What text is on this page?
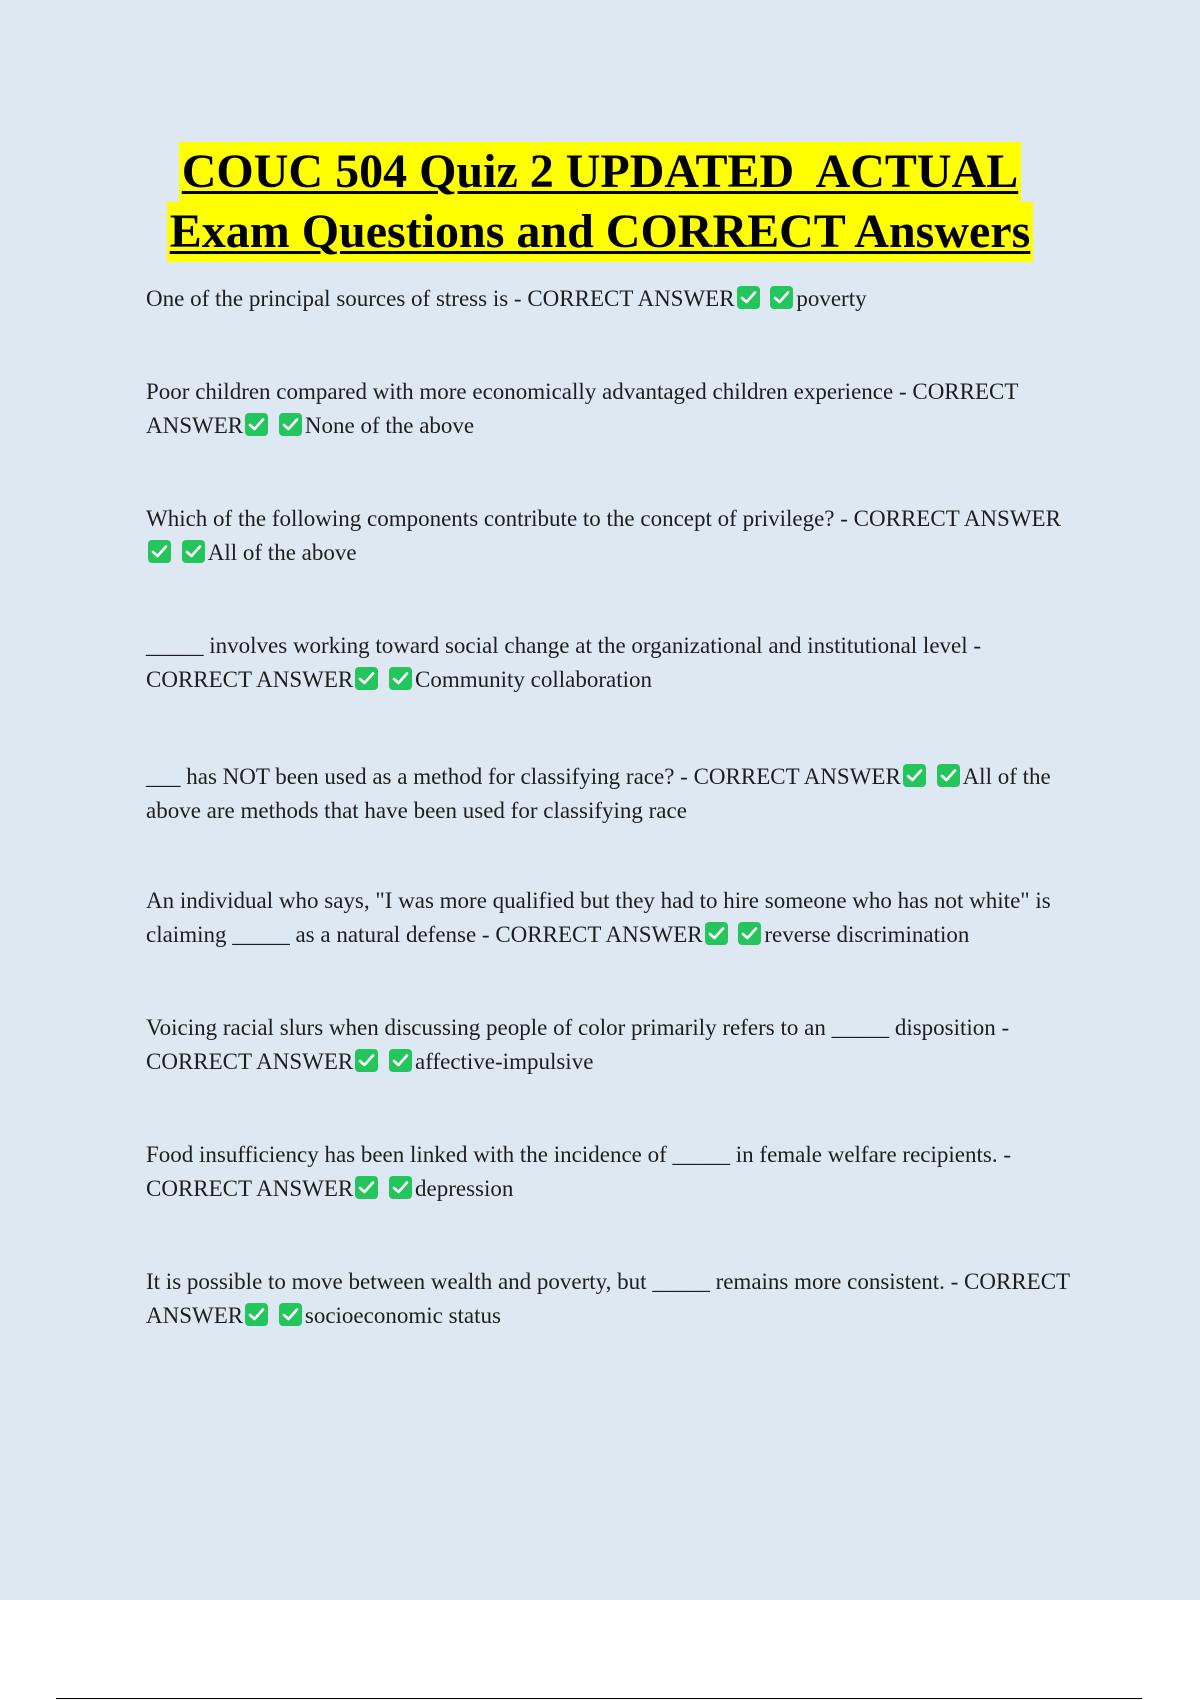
COUC 504 Quiz 2 UPDATED  ACTUAL
Exam Questions and CORRECT Answers
One of the principal sources of stress is - CORRECT ANSWER
	poverty
Poor children compared with more economically advantaged children experience - CORRECT ANSWER
	None of the above
Which of the following components contribute to the concept of privilege? - CORRECT ANSWER

All of the above
_____ involves working toward social change at the organizational and institutional level - CORRECT ANSWER
	Community collaboration
___ has NOT been used as a method for classifying race? - CORRECT ANSWER
	All of the above are methods that have been used for classifying race
An individual who says, "I was more qualified but they had to hire someone who has not white" is claiming _____ as a natural defense - CORRECT ANSWER
	reverse discrimination
Voicing racial slurs when discussing people of color primarily refers to an _____ disposition - CORRECT ANSWER
	affective-impulsive
Food insufficiency has been linked with the incidence of _____ in female welfare recipients. - CORRECT ANSWER
	depression
It is possible to move between wealth and poverty, but _____ remains more consistent. - CORRECT ANSWER
	socioeconomic status
